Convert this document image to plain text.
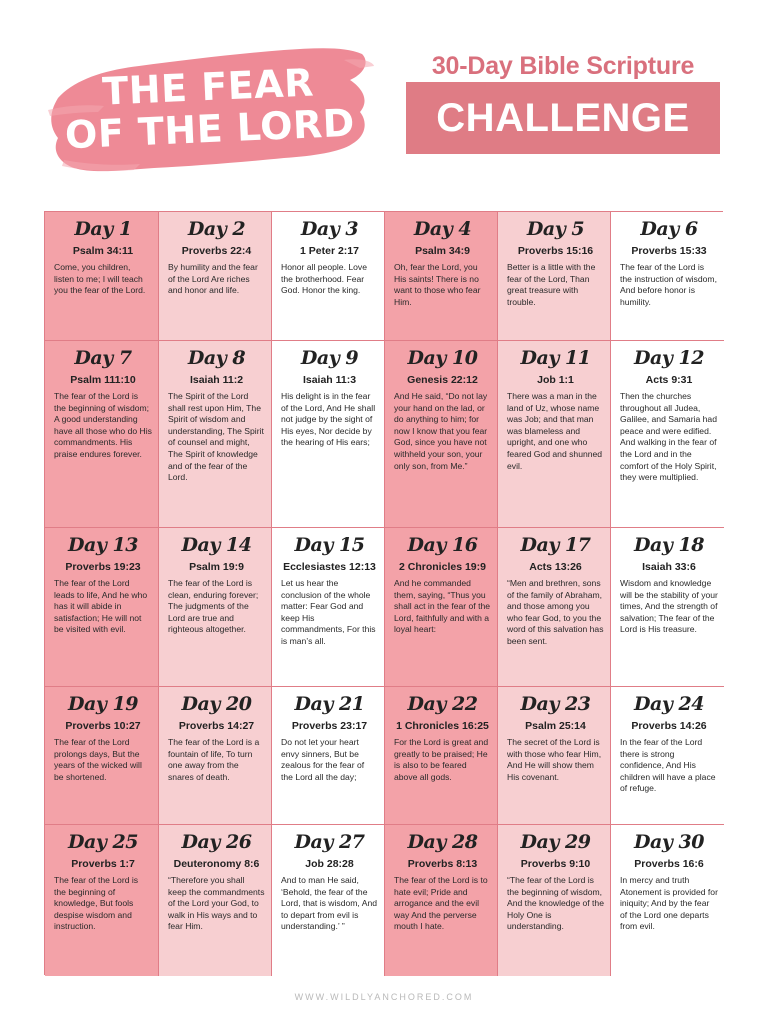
THE FEAR
OF THE LORD
30-Day Bible Scripture
CHALLENGE
Day 1
Psalm 34:11
Come, you children, listen to me; I will teach you the fear of the Lord.
Day 2
Proverbs 22:4
By humility and the fear of the Lord Are riches and honor and life.
Day 3
1 Peter 2:17
Honor all people. Love the brotherhood. Fear God. Honor the king.
Day 4
Psalm 34:9
Oh, fear the Lord, you His saints! There is no want to those who fear Him.
Day 5
Proverbs 15:16
Better is a little with the fear of the Lord, Than great treasure with trouble.
Day 6
Proverbs 15:33
The fear of the Lord is the instruction of wisdom, And before honor is humility.
Day 7
Psalm 111:10
The fear of the Lord is the beginning of wisdom; A good understanding have all those who do His commandments. His praise endures forever.
Day 8
Isaiah 11:2
The Spirit of the Lord shall rest upon Him, The Spirit of wisdom and understanding, The Spirit of counsel and might, The Spirit of knowledge and of the fear of the Lord.
Day 9
Isaiah 11:3
His delight is in the fear of the Lord, And He shall not judge by the sight of His eyes, Nor decide by the hearing of His ears;
Day 10
Genesis 22:12
And He said, “Do not lay your hand on the lad, or do anything to him; for now I know that you fear God, since you have not withheld your son, your only son, from Me.”
Day 11
Job 1:1
There was a man in the land of Uz, whose name was Job; and that man was blameless and upright, and one who feared God and shunned evil.
Day 12
Acts 9:31
Then the churches throughout all Judea, Galilee, and Samaria had peace and were edified. And walking in the fear of the Lord and in the comfort of the Holy Spirit, they were multiplied.
Day 13
Proverbs 19:23
The fear of the Lord leads to life, And he who has it will abide in satisfaction; He will not be visited with evil.
Day 14
Psalm 19:9
The fear of the Lord is clean, enduring forever; The judgments of the Lord are true and righteous altogether.
Day 15
Ecclesiastes 12:13
Let us hear the conclusion of the whole matter: Fear God and keep His commandments, For this is man’s all.
Day 16
2 Chronicles 19:9
And he commanded them, saying, “Thus you shall act in the fear of the Lord, faithfully and with a loyal heart:
Day 17
Acts 13:26
“Men and brethren, sons of the family of Abraham, and those among you who fear God, to you the word of this salvation has been sent.
Day 18
Isaiah 33:6
Wisdom and knowledge will be the stability of your times, And the strength of salvation; The fear of the Lord is His treasure.
Day 19
Proverbs 10:27
The fear of the Lord prolongs days, But the years of the wicked will be shortened.
Day 20
Proverbs 14:27
The fear of the Lord is a fountain of life, To turn one away from the snares of death.
Day 21
Proverbs 23:17
Do not let your heart envy sinners, But be zealous for the fear of the Lord all the day;
Day 22
1 Chronicles 16:25
For the Lord is great and greatly to be praised; He is also to be feared above all gods.
Day 23
Psalm 25:14
The secret of the Lord is with those who fear Him, And He will show them His covenant.
Day 24
Proverbs 14:26
In the fear of the Lord there is strong confidence, And His children will have a place of refuge.
Day 25
Proverbs 1:7
The fear of the Lord is the beginning of knowledge, But fools despise wisdom and instruction.
Day 26
Deuteronomy 8:6
“Therefore you shall keep the commandments of the Lord your God, to walk in His ways and to fear Him.
Day 27
Job 28:28
And to man He said, ‘Behold, the fear of the Lord, that is wisdom, And to depart from evil is understanding.’ ”
Day 28
Proverbs 8:13
The fear of the Lord is to hate evil; Pride and arrogance and the evil way And the perverse mouth I hate.
Day 29
Proverbs 9:10
“The fear of the Lord is the beginning of wisdom, And the knowledge of the Holy One is understanding.
Day 30
Proverbs 16:6
In mercy and truth Atonement is provided for iniquity; And by the fear of the Lord one departs from evil.
WWW.WILDLYANCHORED.COM
